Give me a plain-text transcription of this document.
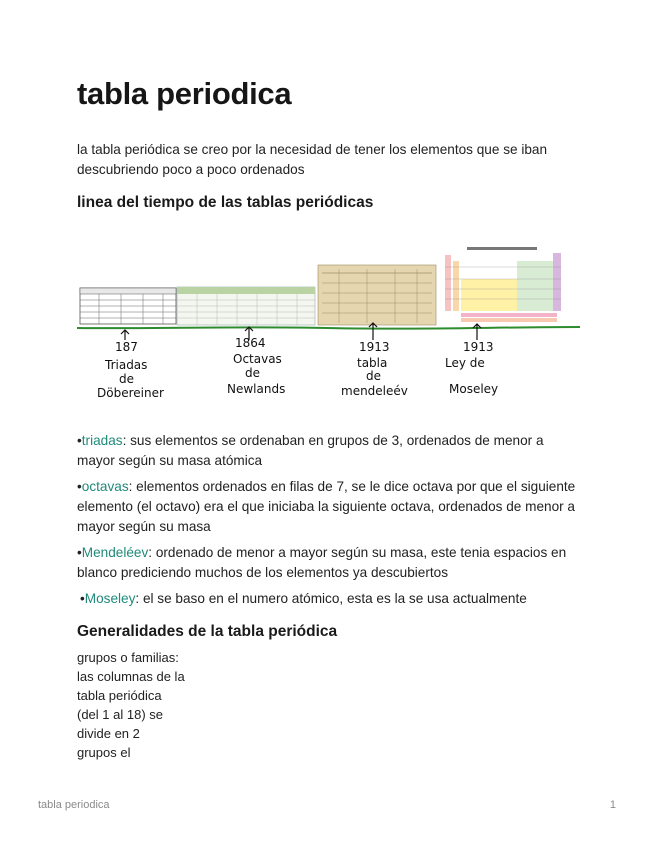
tabla periodica

la tabla periódica se creo por la necesidad de tener los elementos que se iban descubriendo poco a poco ordenados

linea del tiempo de las tablas periódicas
187
Triadas
de
Döbereiner
1864
Octavas
de
Newlands
1913
tabla
de
mendeleév
1913
Ley de
Moseley

•triadas: sus elementos se ordenaban en grupos de 3, ordenados de menor a mayor según su masa atómica

•octavas: elementos ordenados en filas de 7, se le dice octava por que el siguiente elemento (el octavo) era el que iniciaba la siguiente octava, ordenados de menor a mayor según su masa

•Mendeléev: ordenado de menor a mayor según su masa, este tenia espacios en blanco prediciendo muchos de los elementos ya descubiertos

•Moseley: el se baso en el numero atómico, esta es la se usa actualmente

Generalidades de la tabla periódica
grupos o familias:
las columnas de la
tabla periódica
(del 1 al 18) se
divide en 2
grupos el
tabla periodica	1
